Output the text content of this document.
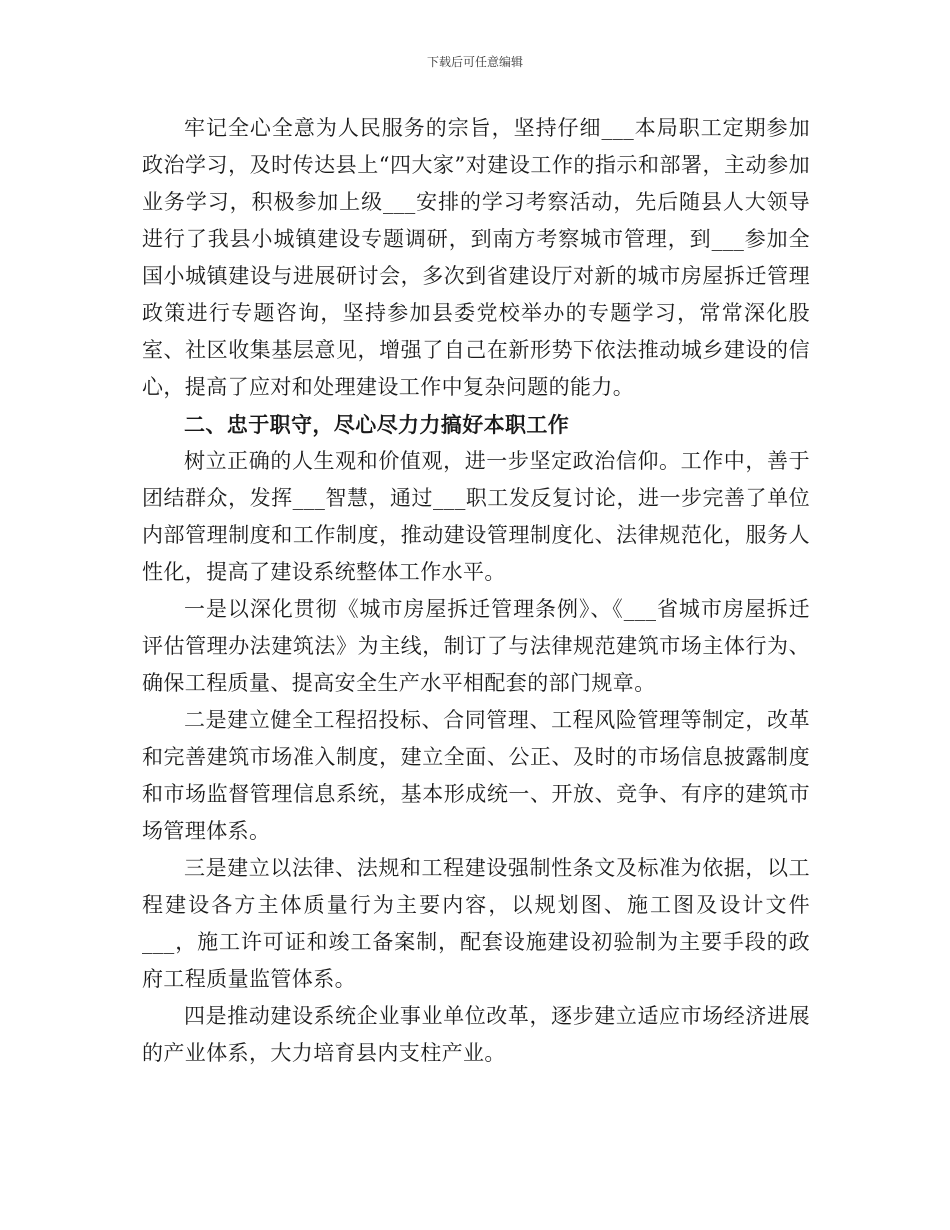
下载后可任意编辑

牢记全心全意为人民服务的宗旨，坚持仔细___本局职工定期参加政治学习，及时传达县上“四大家”对建设工作的指示和部署，主动参加业务学习，积极参加上级___安排的学习考察活动，先后随县人大领导进行了我县小城镇建设专题调研，到南方考察城市管理，到___参加全国小城镇建设与进展研讨会，多次到省建设厅对新的城市房屋拆迁管理政策进行专题咨询，坚持参加县委党校举办的专题学习，常常深化股室、社区收集基层意见，增强了自己在新形势下依法推动城乡建设的信心，提高了应对和处理建设工作中复杂问题的能力。

二、忠于职守，尽心尽力力搞好本职工作

树立正确的人生观和价值观，进一步坚定政治信仰。工作中，善于团结群众，发挥___智慧，通过___职工发反复讨论，进一步完善了单位内部管理制度和工作制度，推动建设管理制度化、法律规范化，服务人性化，提高了建设系统整体工作水平。

一是以深化贯彻《城市房屋拆迁管理条例》、《___省城市房屋拆迁评估管理办法建筑法》为主线，制订了与法律规范建筑市场主体行为、确保工程质量、提高安全生产水平相配套的部门规章。

二是建立健全工程招投标、合同管理、工程风险管理等制定，改革和完善建筑市场准入制度，建立全面、公正、及时的市场信息披露制度和市场监督管理信息系统，基本形成统一、开放、竞争、有序的建筑市场管理体系。

三是建立以法律、法规和工程建设强制性条文及标准为依据，以工程建设各方主体质量行为主要内容，以规划图、施工图及设计文件___，施工许可证和竣工备案制，配套设施建设初验制为主要手段的政府工程质量监管体系。

四是推动建设系统企业事业单位改革，逐步建立适应市场经济进展的产业体系，大力培育县内支柱产业。
